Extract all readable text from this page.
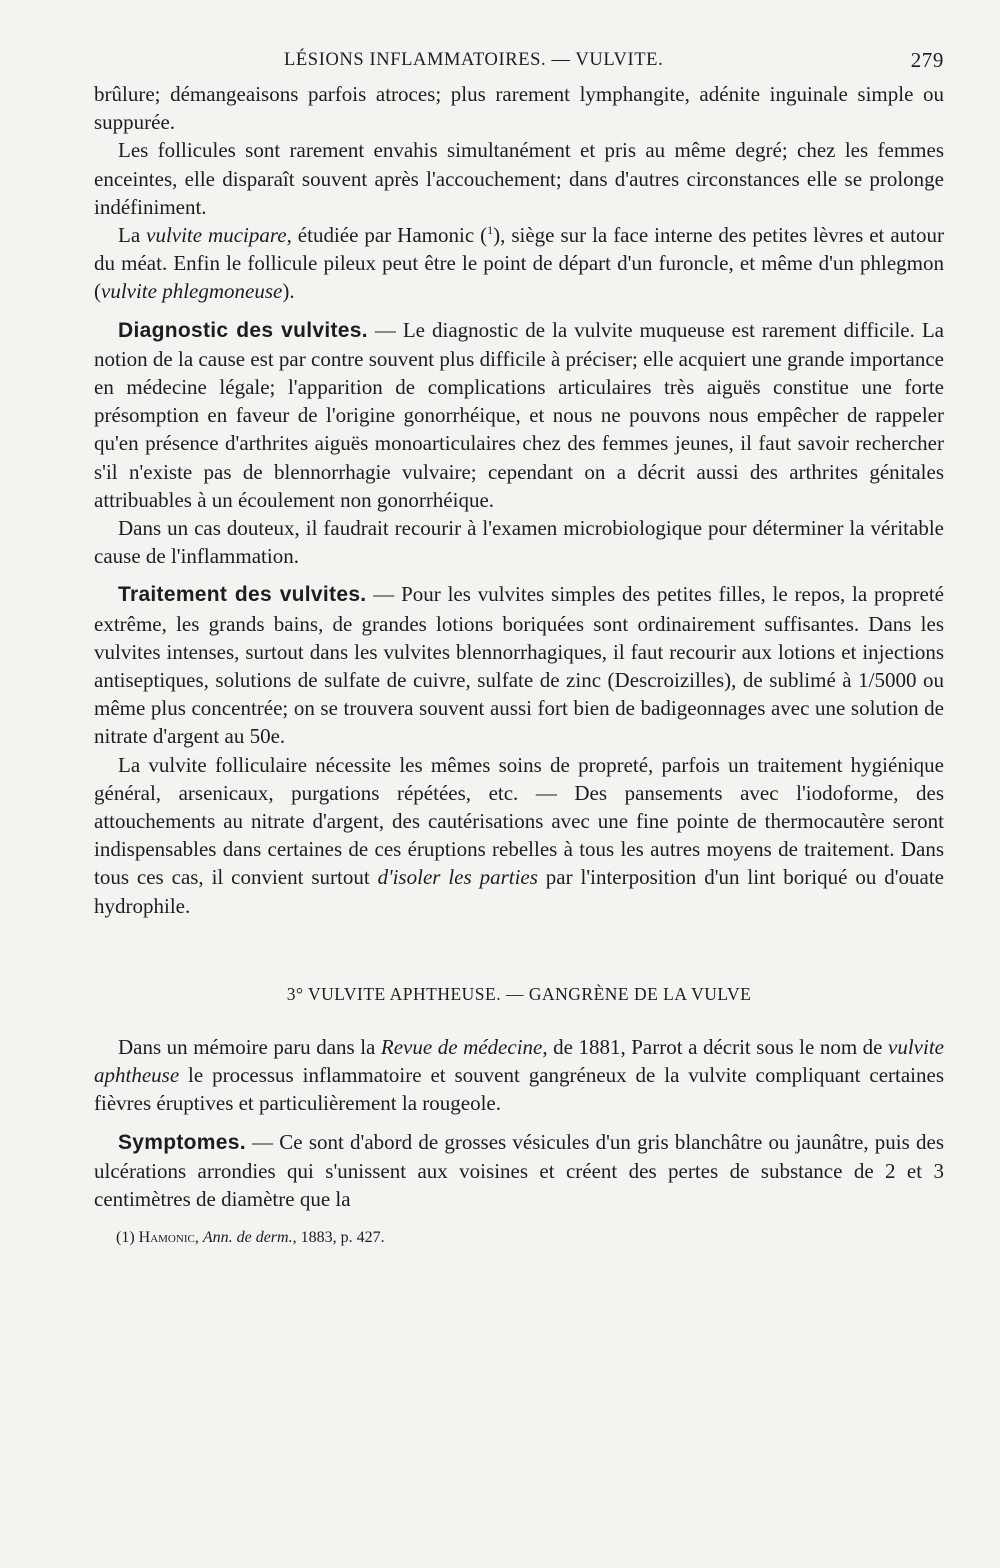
LÉSIONS INFLAMMATOIRES. — VULVITE.	279

brûlure; démangeaisons parfois atroces; plus rarement lymphangite, adénite inguinale simple ou suppurée.

Les follicules sont rarement envahis simultanément et pris au même degré; chez les femmes enceintes, elle disparaît souvent après l'accouchement; dans d'autres circonstances elle se prolonge indéfiniment.

La vulvite mucipare, étudiée par Hamonic ($^1$), siège sur la face interne des petites lèvres et autour du méat. Enfin le follicule pileux peut être le point de départ d'un furoncle, et même d'un phlegmon (vulvite phlegmoneuse).

Diagnostic des vulvites. — Le diagnostic de la vulvite muqueuse est rarement difficile. La notion de la cause est par contre souvent plus difficile à préciser; elle acquiert une grande importance en médecine légale; l'apparition de complications articulaires très aiguës constitue une forte présomption en faveur de l'origine gonorrhéique, et nous ne pouvons nous empêcher de rappeler qu'en présence d'arthrites aiguës monoarticulaires chez des femmes jeunes, il faut savoir rechercher s'il n'existe pas de blennorrhagie vulvaire; cependant on a décrit aussi des arthrites génitales attribuables à un écoulement non gonorrhéique.

Dans un cas douteux, il faudrait recourir à l'examen microbiologique pour déterminer la véritable cause de l'inflammation.

Traitement des vulvites. — Pour les vulvites simples des petites filles, le repos, la propreté extrême, les grands bains, de grandes lotions boriquées sont ordinairement suffisantes. Dans les vulvites intenses, surtout dans les vulvites blennorrhagiques, il faut recourir aux lotions et injections antiseptiques, solutions de sulfate de cuivre, sulfate de zinc (Descroizilles), de sublimé à 1/5000 ou même plus concentrée; on se trouvera souvent aussi fort bien de badigeonnages avec une solution de nitrate d'argent au 50e.

La vulvite folliculaire nécessite les mêmes soins de propreté, parfois un traitement hygiénique général, arsenicaux, purgations répétées, etc. — Des pansements avec l'iodoforme, des attouchements au nitrate d'argent, des cautérisations avec une fine pointe de thermocautère seront indispensables dans certaines de ces éruptions rebelles à tous les autres moyens de traitement. Dans tous ces cas, il convient surtout d'isoler les parties par l'interposition d'un lint boriqué ou d'ouate hydrophile.

3° VULVITE APHTHEUSE. — GANGRÈNE DE LA VULVE

Dans un mémoire paru dans la Revue de médecine, de 1881, Parrot a décrit sous le nom de vulvite aphtheuse le processus inflammatoire et souvent gangréneux de la vulvite compliquant certaines fièvres éruptives et particulièrement la rougeole.

Symptomes. — Ce sont d'abord de grosses vésicules d'un gris blanchâtre ou jaunâtre, puis des ulcérations arrondies qui s'unissent aux voisines et créent des pertes de substance de 2 et 3 centimètres de diamètre que la

(1) Hamonic, Ann. de derm., 1883, p. 427.
